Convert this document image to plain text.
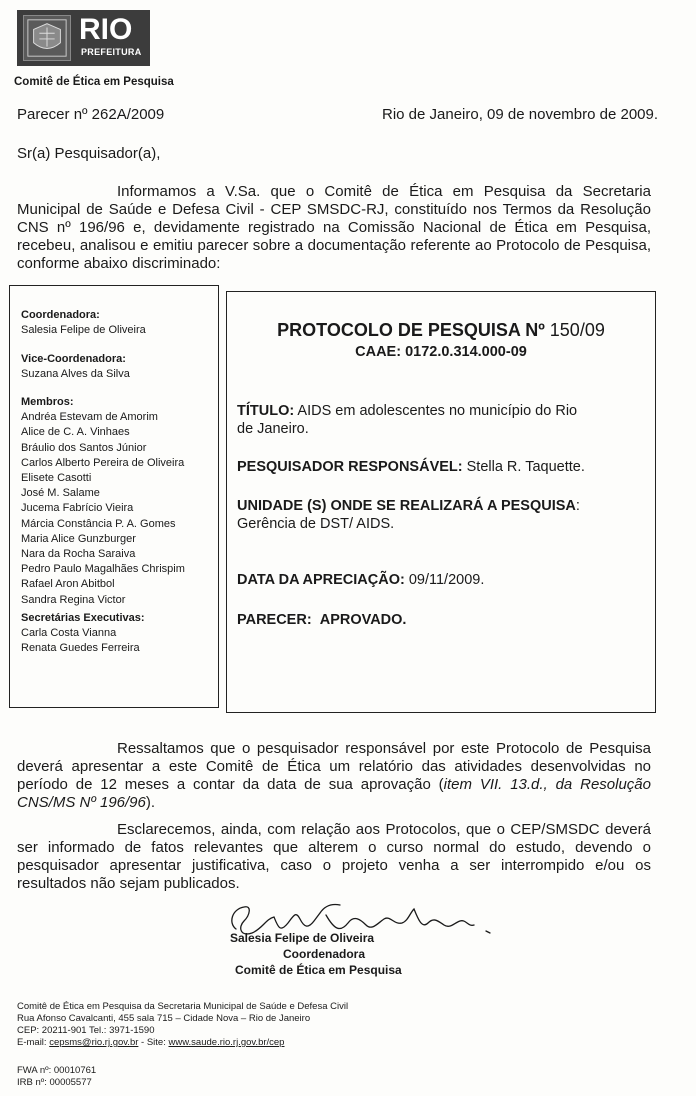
RIO
PREFEITURA
Comitê de Ética em Pesquisa
Parecer nº 262A/2009	Rio de Janeiro, 09 de novembro de 2009.
Sr(a) Pesquisador(a),
Informamos a V.Sa. que o Comitê de Ética em Pesquisa da Secretaria Municipal de Saúde e Defesa Civil - CEP SMSDC-RJ, constituído nos Termos da Resolução CNS nº 196/96 e, devidamente registrado na Comissão Nacional de Ética em Pesquisa, recebeu, analisou e emitiu parecer sobre a documentação referente ao Protocolo de Pesquisa, conforme abaixo discriminado:
Coordenadora:
Salesia Felipe de Oliveira
Vice-Coordenadora:
Suzana Alves da Silva
Membros:
Andréa Estevam de Amorim
Alice de C. A. Vinhaes
Bráulio dos Santos Júnior
Carlos Alberto Pereira de Oliveira
Elisete Casotti
José M. Salame
Jucema Fabrício Vieira
Márcia Constância P. A. Gomes
Maria Alice Gunzburger
Nara da Rocha Saraiva
Pedro Paulo Magalhães Chrispim
Rafael Aron Abitbol
Sandra Regina Victor
Secretárias Executivas:
Carla Costa Vianna
Renata Guedes Ferreira
PROTOCOLO DE PESQUISA Nº 150/09
CAAE: 0172.0.314.000-09
TÍTULO: AIDS em adolescentes no município do Rio
de Janeiro.
PESQUISADOR RESPONSÁVEL: Stella R. Taquette.
UNIDADE (S) ONDE SE REALIZARÁ A PESQUISA:
Gerência de DST/ AIDS.
DATA DA APRECIAÇÃO: 09/11/2009.
PARECER: APROVADO.
Ressaltamos que o pesquisador responsável por este Protocolo de Pesquisa deverá apresentar a este Comitê de Ética um relatório das atividades desenvolvidas no período de 12 meses a contar da data de sua aprovação (item VII. 13.d., da Resolução CNS/MS Nº 196/96).
Esclarecemos, ainda, com relação aos Protocolos, que o CEP/SMSDC deverá ser informado de fatos relevantes que alterem o curso normal do estudo, devendo o pesquisador apresentar justificativa, caso o projeto venha a ser interrompido e/ou os resultados não sejam publicados.
Salesia Felipe de Oliveira
Coordenadora
Comitê de Ética em Pesquisa
Comitê de Ética em Pesquisa da Secretaria Municipal de Saúde e Defesa Civil
Rua Afonso Cavalcanti, 455 sala 715 – Cidade Nova – Rio de Janeiro
CEP: 20211-901 Tel.: 3971-1590
E-mail: cepsms@rio.rj.gov.br - Site: www.saude.rio.rj.gov.br/cep
FWA nº: 00010761
IRB nº: 00005577
